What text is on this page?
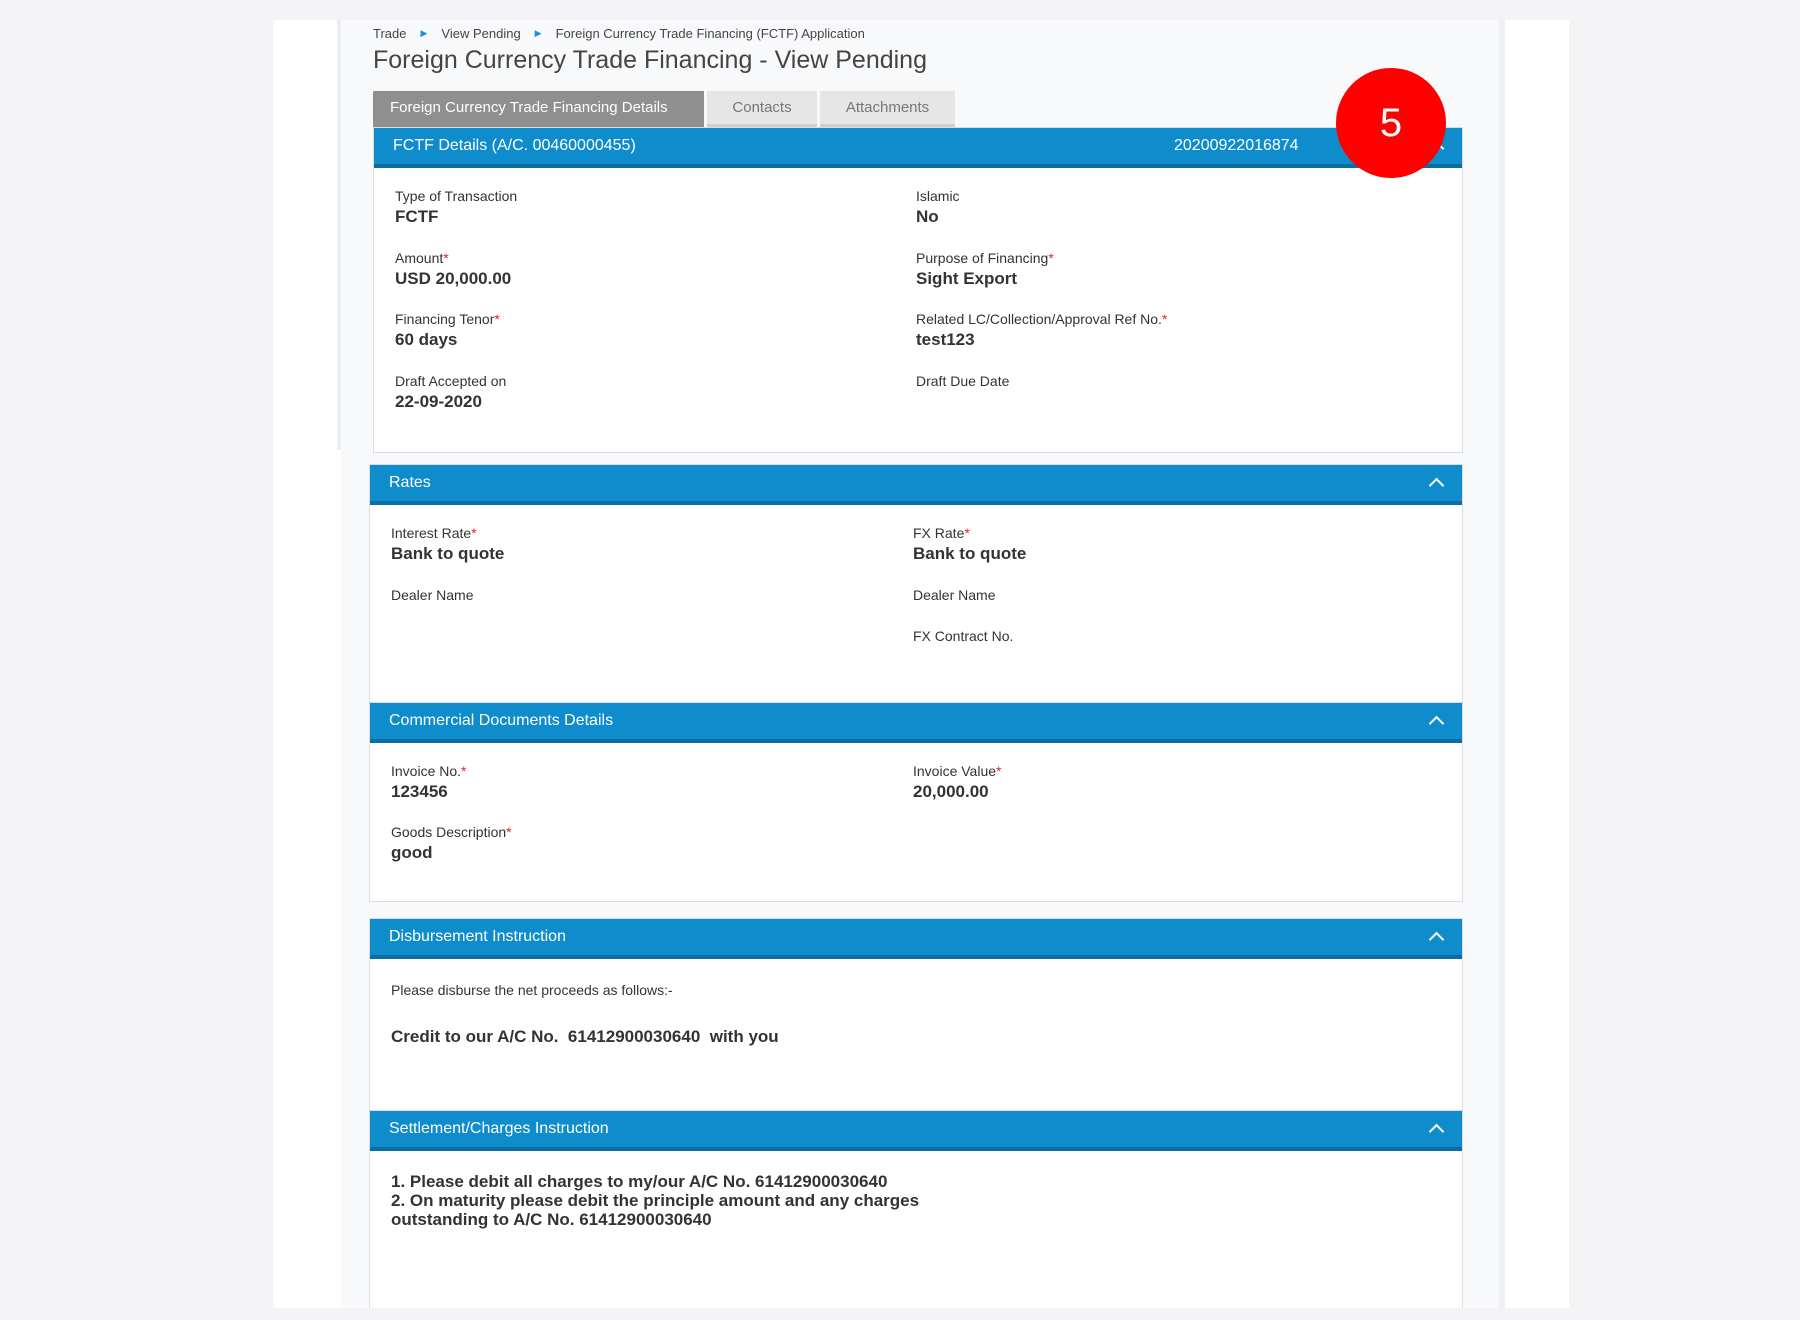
Trade ▶ View Pending ▶ Foreign Currency Trade Financing (FCTF) Application
Foreign Currency Trade Financing - View Pending
Foreign Currency Trade Financing Details	Contacts	Attachments
FCTF Details (A/C. 00460000455)	20200922016874
Type of Transaction
FCTF
Islamic
No
Amount*
USD 20,000.00
Purpose of Financing*
Sight Export
Financing Tenor*
60 days
Related LC/Collection/Approval Ref No.*
test123
Draft Accepted on
22-09-2020
Draft Due Date
Rates
Interest Rate*
Bank to quote
FX Rate*
Bank to quote
Dealer Name	Dealer Name
FX Contract No.
Commercial Documents Details
Invoice No.*
123456
Invoice Value*
20,000.00
Goods Description*
good
Disbursement Instruction
Please disburse the net proceeds as follows:-
Credit to our A/C No.  61412900030640  with you
Settlement/Charges Instruction
1. Please debit all charges to my/our A/C No. 61412900030640
2. On maturity please debit the principle amount and any charges
outstanding to A/C No. 61412900030640
5
